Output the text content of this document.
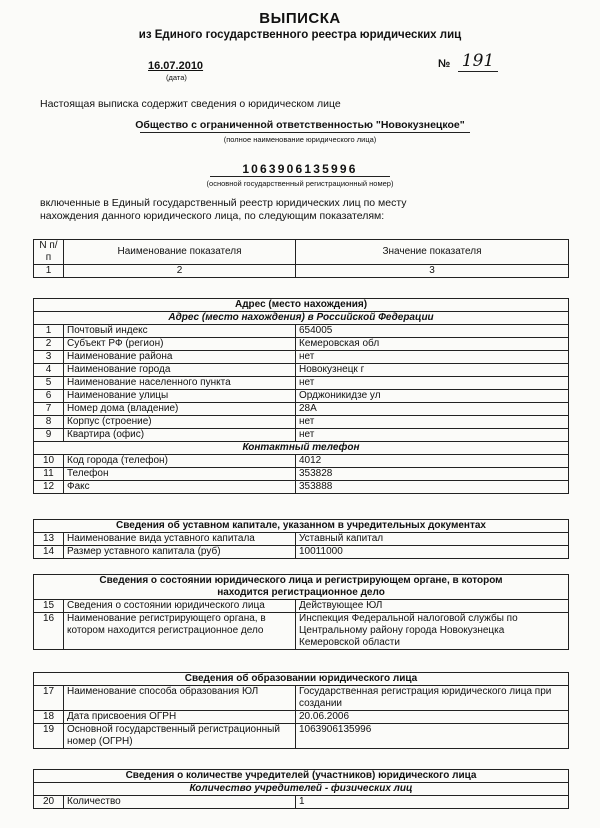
ВЫПИСКА
из Единого государственного реестра юридических лиц
16.07.2010
(дата)
№ 191
Настоящая выписка содержит сведения о юридическом лице
Общество с ограниченной ответственностью "Новокузнецкое"
(полное наименование юридического лица)
1063906135996
(основной государственный регистрационный номер)
включенные в Единый государственный реестр юридических лиц по месту нахождения данного юридического лица, по следующим показателям:
N п/п	Наименование показателя	Значение показателя
1	2	3
Адрес (место нахождения)		
Адрес (место нахождения) в Российской Федерации		
1	Почтовый индекс	654005
2	Субъект РФ (регион)	Кемеровская обл
3	Наименование района	нет
4	Наименование города	Новокузнецк г
5	Наименование населенного пункта	нет
6	Наименование улицы	Орджоникидзе ул
7	Номер дома (владение)	28А
8	Корпус (строение)	нет
9	Квартира (офис)	нет
Контактный телефон		
10	Код города (телефон)	4012
11	Телефон	353828
12	Факс	353888
Сведения об уставном капитале, указанном в учредительных документах		
13	Наименование вида уставного капитала	Уставный капитал
14	Размер уставного капитала (руб)	10011000
Сведения о состоянии юридического лица и регистрирующем органе, в котором находится регистрационное дело		
15	Сведения о состоянии юридического лица	Действующее ЮЛ
16	Наименование регистрирующего органа, в котором находится регистрационное дело	Инспекция Федеральной налоговой службы по Центральному району города Новокузнецка Кемеровской области
Сведения об образовании юридического лица		
17	Наименование способа образования ЮЛ	Государственная регистрация юридического лица при создании
18	Дата присвоения ОГРН	20.06.2006
19	Основной государственный регистрационный номер (ОГРН)	1063906135996
Сведения о количестве учредителей (участников) юридического лица
Количество учредителей - физических лиц
20	Количество	1
